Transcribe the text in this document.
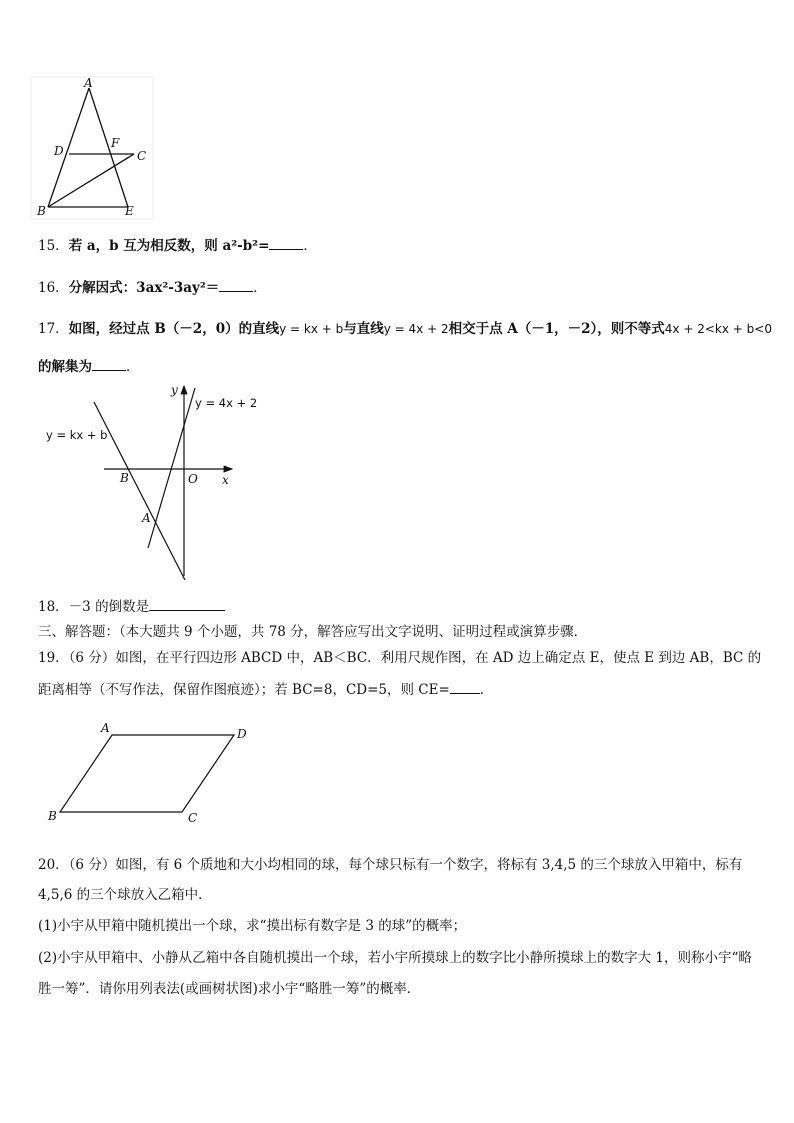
A
D
F
C
B	E
15．若 a，b 互为相反数，则 a²-b²=	．
16．分解因式：3ax²-3ay²＝	．
17．如图，经过点 B（－2，0）的直线y = kx + b与直线y = 4x + 2相交于点 A（－1，－2），则不等式4x + 2<kx + b<0
的解集为	．
y
y = 4x + 2
y = kx + b
B	O x
A
18．－3 的倒数是
三、解答题：（本大题共 9 个小题，共 78 分，解答应写出文字说明、证明过程或演算步骤．
19．（6 分）如图，在平行四边形 ABCD 中，AB＜BC．利用尺规作图，在 AD 边上确定点 E，使点 E 到边 AB，BC 的
距离相等（不写作法，保留作图痕迹）；若 BC=8，CD=5，则 CE= ．
A	D
B	C
20．（6 分）如图，有 6 个质地和大小均相同的球，每个球只标有一个数字，将标有 3,4,5 的三个球放入甲箱中，标有
4,5,6 的三个球放入乙箱中．
(1)小宇从甲箱中随机摸出一个球，求“摸出标有数字是 3 的球”的概率；
(2)小宇从甲箱中、小静从乙箱中各自随机摸出一个球，若小宇所摸球上的数字比小静所摸球上的数字大 1，则称小宇“略
胜一筹”．请你用列表法(或画树状图)求小宇“略胜一筹”的概率．
